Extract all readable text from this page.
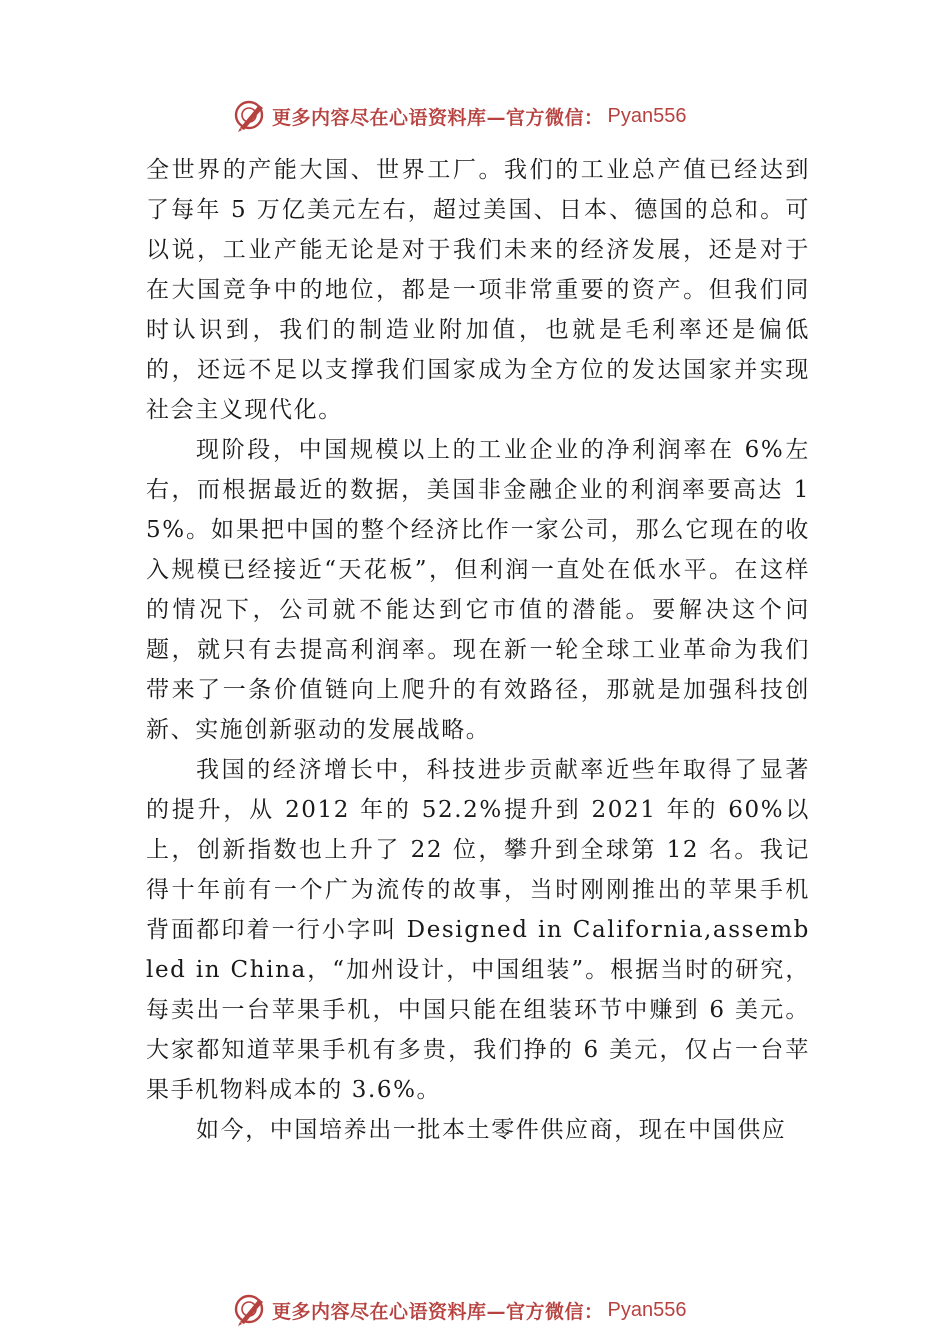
更多内容尽在心语资料库—官方微信： Pyan556

全世界的产能大国、世界工厂。我们的工业总产值已经达到了每年 5 万亿美元左右，超过美国、日本、德国的总和。可以说，工业产能无论是对于我们未来的经济发展，还是对于在大国竞争中的地位，都是一项非常重要的资产。但我们同时认识到，我们的制造业附加值，也就是毛利率还是偏低的，还远不足以支撑我们国家成为全方位的发达国家并实现社会主义现代化。

现阶段，中国规模以上的工业企业的净利润率在 6%左右，而根据最近的数据，美国非金融企业的利润率要高达 15%。如果把中国的整个经济比作一家公司，那么它现在的收入规模已经接近“天花板”，但利润一直处在低水平。在这样的情况下，公司就不能达到它市值的潜能。要解决这个问题，就只有去提高利润率。现在新一轮全球工业革命为我们带来了一条价值链向上爬升的有效路径，那就是加强科技创新、实施创新驱动的发展战略。

我国的经济增长中，科技进步贡献率近些年取得了显著的提升，从 2012 年的 52.2%提升到 2021 年的 60%以上，创新指数也上升了 22 位，攀升到全球第 12 名。我记得十年前有一个广为流传的故事，当时刚刚推出的苹果手机背面都印着一行小字叫 Designed in California,assembled in China，“加州设计，中国组装”。根据当时的研究，每卖出一台苹果手机，中国只能在组装环节中赚到 6 美元。大家都知道苹果手机有多贵，我们挣的 6 美元，仅占一台苹果手机物料成本的 3.6%。

如今，中国培养出一批本土零件供应商，现在中国供应

更多内容尽在心语资料库—官方微信： Pyan556
